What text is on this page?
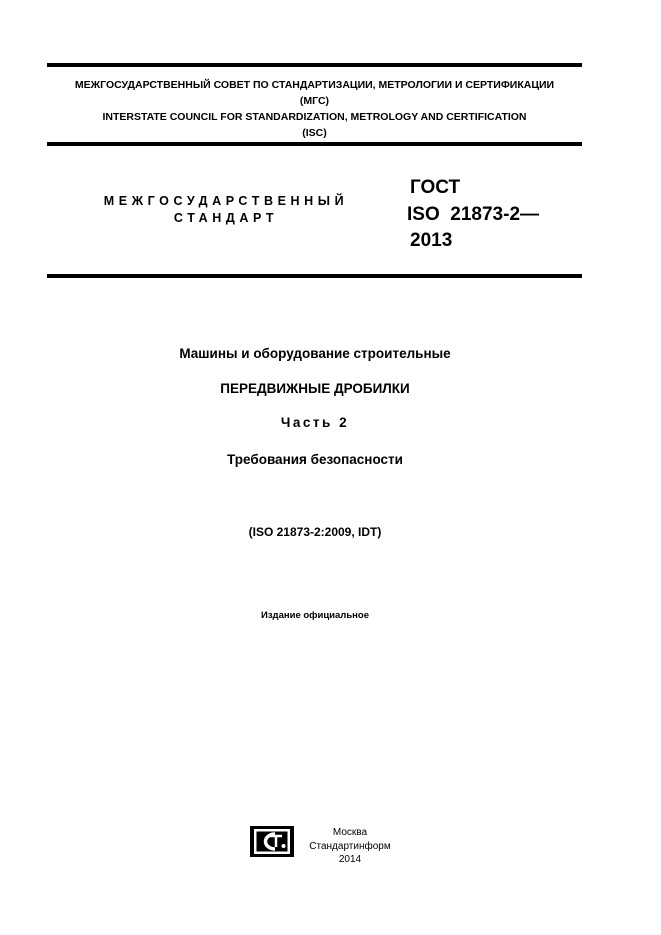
МЕЖГОСУДАРСТВЕННЫЙ СОВЕТ ПО СТАНДАРТИЗАЦИИ, МЕТРОЛОГИИ И СЕРТИФИКАЦИИ
(МГС)
INTERSTATE COUNCIL FOR STANDARDIZATION, METROLOGY AND CERTIFICATION
(ISC)
МЕЖГОСУДАРСТВЕННЫЙ
СТАНДАРТ
ГОСТ
ISO  21873-2—
2013
Машины и оборудование строительные
ПЕРЕДВИЖНЫЕ ДРОБИЛКИ
Часть 2
Требования безопасности
(ISO 21873-2:2009, IDT)
Издание официальное
Москва
Стандартинформ
2014
